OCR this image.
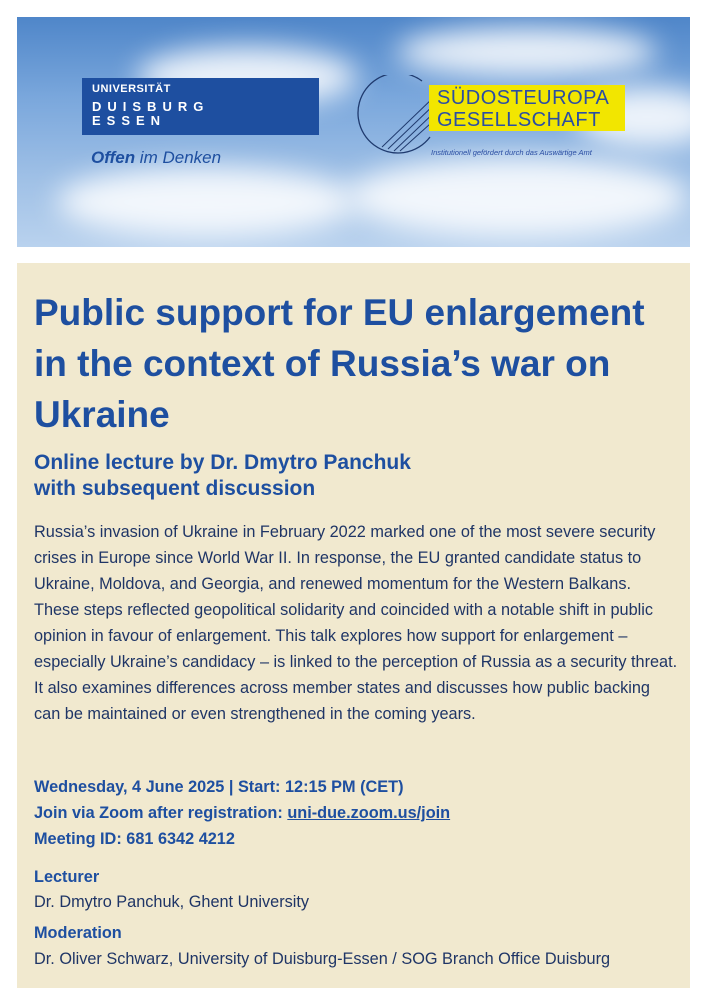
UNIVERSITÄT
DUISBURG
ESSEN
Offen im Denken
SÜDOSTEUROPA
GESELLSCHAFT
Institutionell gefördert durch das Auswärtige Amt
Public support for EU enlargement in the context of Russia’s war on Ukraine
Online lecture by Dr. Dmytro Panchuk
with subsequent discussion

Russia’s invasion of Ukraine in February 2022 marked one of the most severe security crises in Europe since World War II. In response, the EU granted candidate status to Ukraine, Moldova, and Georgia, and renewed momentum for the Western Balkans. These steps reflected geopolitical solidarity and coincided with a notable shift in public opinion in favour of enlargement. This talk explores how support for enlargement – especially Ukraine’s candidacy – is linked to the perception of Russia as a security threat. It also examines differences across member states and discusses how public backing can be maintained or even strengthened in the coming years.

Wednesday, 4 June 2025 | Start: 12:15 PM (CET)
Join via Zoom after registration: uni-due.zoom.us/join
Meeting ID: 681 6342 4212
Lecturer
Dr. Dmytro Panchuk, Ghent University
Moderation
Dr. Oliver Schwarz, University of Duisburg-Essen / SOG Branch Office Duisburg
